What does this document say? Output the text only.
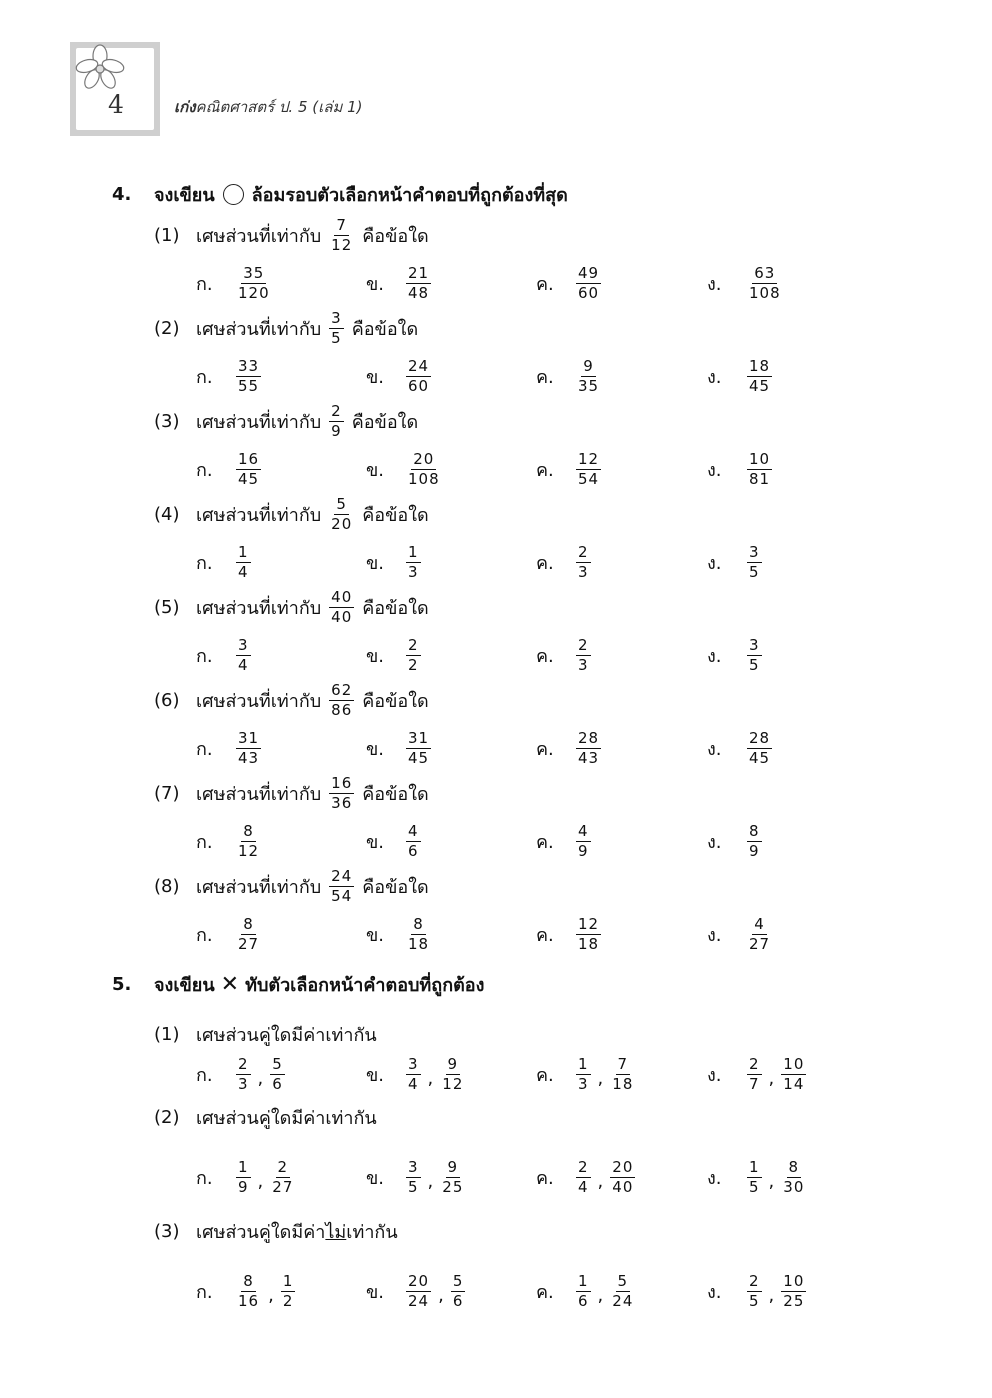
4	เก่งคณิตศาสตร์ ป. 5 (เล่ม 1)
4.	จงเขียน ล้อมรอบตัวเลือกหน้าคำตอบที่ถูกต้องที่สุด
(1) เศษส่วนที่เท่ากับ $\frac{7}{12}$ คือข้อใด
ก.	$\frac{35}{120}$	ข.	$\frac{21}{48}$	ค.	$\frac{49}{60}$	ง.	$\frac{63}{108}$
(2) เศษส่วนที่เท่ากับ $\frac{3}{5}$ คือข้อใด
ก.	$\frac{33}{55}$	ข.	$\frac{24}{60}$	ค.	$\frac{9}{35}$	ง.	$\frac{18}{45}$
(3) เศษส่วนที่เท่ากับ $\frac{2}{9}$ คือข้อใด
ก.	$\frac{16}{45}$	ข.	$\frac{20}{108}$	ค.	$\frac{12}{54}$	ง.	$\frac{10}{81}$
(4) เศษส่วนที่เท่ากับ $\frac{5}{20}$ คือข้อใด
ก.	$\frac{1}{4}$	ข.	$\frac{1}{3}$	ค.	$\frac{2}{3}$	ง.	$\frac{3}{5}$
(5) เศษส่วนที่เท่ากับ $\frac{40}{40}$ คือข้อใด
ก.	$\frac{3}{4}$	ข.	$\frac{2}{2}$	ค.	$\frac{2}{3}$	ง.	$\frac{3}{5}$
(6) เศษส่วนที่เท่ากับ $\frac{62}{86}$ คือข้อใด
ก.	$\frac{31}{43}$	ข.	$\frac{31}{45}$	ค.	$\frac{28}{43}$	ง.	$\frac{28}{45}$
(7) เศษส่วนที่เท่ากับ $\frac{16}{36}$ คือข้อใด
ก.	$\frac{8}{12}$	ข.	$\frac{4}{6}$	ค.	$\frac{4}{9}$	ง.	$\frac{8}{9}$
(8) เศษส่วนที่เท่ากับ $\frac{24}{54}$ คือข้อใด
ก.	$\frac{8}{27}$	ข.	$\frac{8}{18}$	ค.	$\frac{12}{18}$	ง.	$\frac{4}{27}$
5.	จงเขียน ✕ ทับตัวเลือกหน้าคำตอบที่ถูกต้อง
(1) เศษส่วนคู่ใดมีค่าเท่ากัน
ก.	$\frac{2}{3}$ , $\frac{5}{6}$	ข.	$\frac{3}{4}$ , $\frac{9}{12}$	ค.	$\frac{1}{3}$ , $\frac{7}{18}$	ง.	$\frac{2}{7}$ , $\frac{10}{14}$
(2) เศษส่วนคู่ใดมีค่าเท่ากัน
ก.	$\frac{1}{9}$ , $\frac{2}{27}$	ข.	$\frac{3}{5}$ , $\frac{9}{25}$	ค.	$\frac{2}{4}$ , $\frac{20}{40}$	ง.	$\frac{1}{5}$ , $\frac{8}{30}$
(3) เศษส่วนคู่ใดมีค่าไม่เท่ากัน
ก.	$\frac{8}{16}$ , $\frac{1}{2}$	ข.	$\frac{20}{24}$ , $\frac{5}{6}$	ค.	$\frac{1}{6}$ , $\frac{5}{24}$	ง.	$\frac{2}{5}$ , $\frac{10}{25}$
